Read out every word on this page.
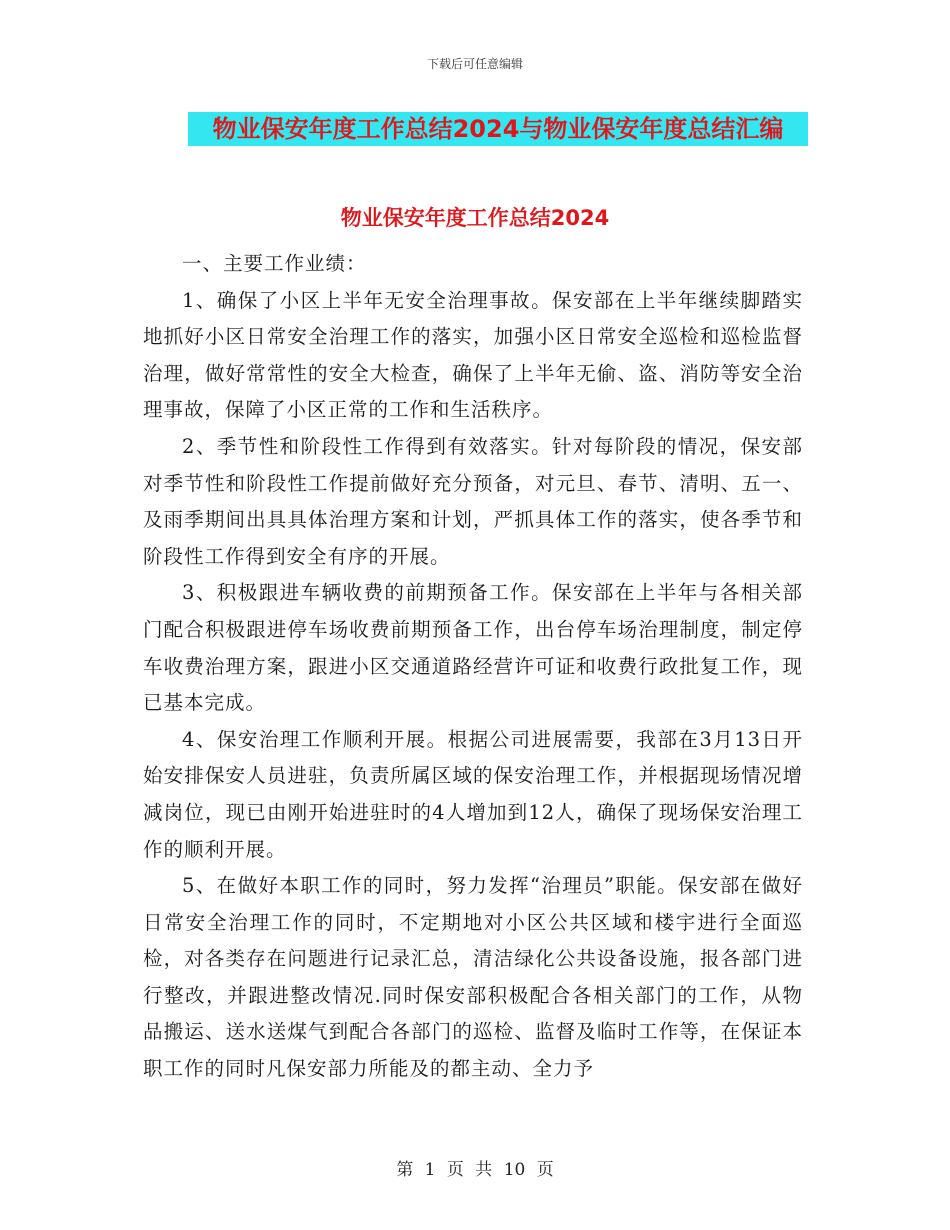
下载后可任意编辑
物业保安年度工作总结2024与物业保安年度总结汇编
物业保安年度工作总结2024

一、主要工作业绩：

1、确保了小区上半年无安全治理事故。保安部在上半年继续脚踏实地抓好小区日常安全治理工作的落实，加强小区日常安全巡检和巡检监督治理，做好常常性的安全大检查，确保了上半年无偷、盗、消防等安全治理事故，保障了小区正常的工作和生活秩序。

2、季节性和阶段性工作得到有效落实。针对每阶段的情况，保安部对季节性和阶段性工作提前做好充分预备，对元旦、春节、清明、五一、及雨季期间出具具体治理方案和计划，严抓具体工作的落实，使各季节和阶段性工作得到安全有序的开展。

3、积极跟进车辆收费的前期预备工作。保安部在上半年与各相关部门配合积极跟进停车场收费前期预备工作，出台停车场治理制度，制定停车收费治理方案，跟进小区交通道路经营许可证和收费行政批复工作，现已基本完成。

4、保安治理工作顺利开展。根据公司进展需要，我部在3月13日开始安排保安人员进驻，负责所属区域的保安治理工作，并根据现场情况增减岗位，现已由刚开始进驻时的4人增加到12人，确保了现场保安治理工作的顺利开展。

5、在做好本职工作的同时，努力发挥“治理员”职能。保安部在做好日常安全治理工作的同时，不定期地对小区公共区域和楼宇进行全面巡检，对各类存在问题进行记录汇总，清洁绿化公共设备设施，报各部门进行整改，并跟进整改情况.同时保安部积极配合各相关部门的工作，从物品搬运、送水送煤气到配合各部门的巡检、监督及临时工作等，在保证本职工作的同时凡保安部力所能及的都主动、全力予

第 1 页 共 10 页
